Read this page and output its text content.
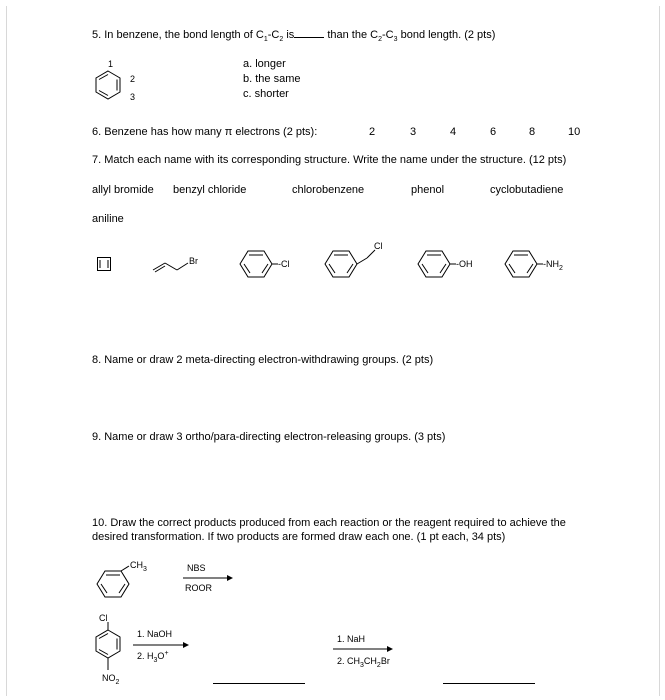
5. In benzene, the bond length of $C_1-C_2$ is	than the $C_2-C_3$ bond length. (2 pts)
1
2
3
a. longer
b. the same
c. shorter
6. Benzene has how many π electrons (2 pts):	2	3	4	6	8	10
7. Match each name with its corresponding structure. Write the name under the structure. (12 pts)
allyl bromide benzyl chloride	chlorobenzene	phenol	cyclobutadiene
aniline
Br	-Cl
Cl
-OH	$-NH_2$
8. Name or draw 2 meta-directing electron-withdrawing groups. (2 pts)
9. Name or draw 3 ortho/para-directing electron-releasing groups. (3 pts)
10. Draw the correct products produced from each reaction or the reagent required to achieve the desired transformation. If two products are formed draw each one. (1 pt each, 34 pts)
$CH_3$	NBS
ROOR
Cl
$NO_2$
1. NaOH
2. $H_3O^+$
1. NaH
2. $CH_3CH_2Br$
